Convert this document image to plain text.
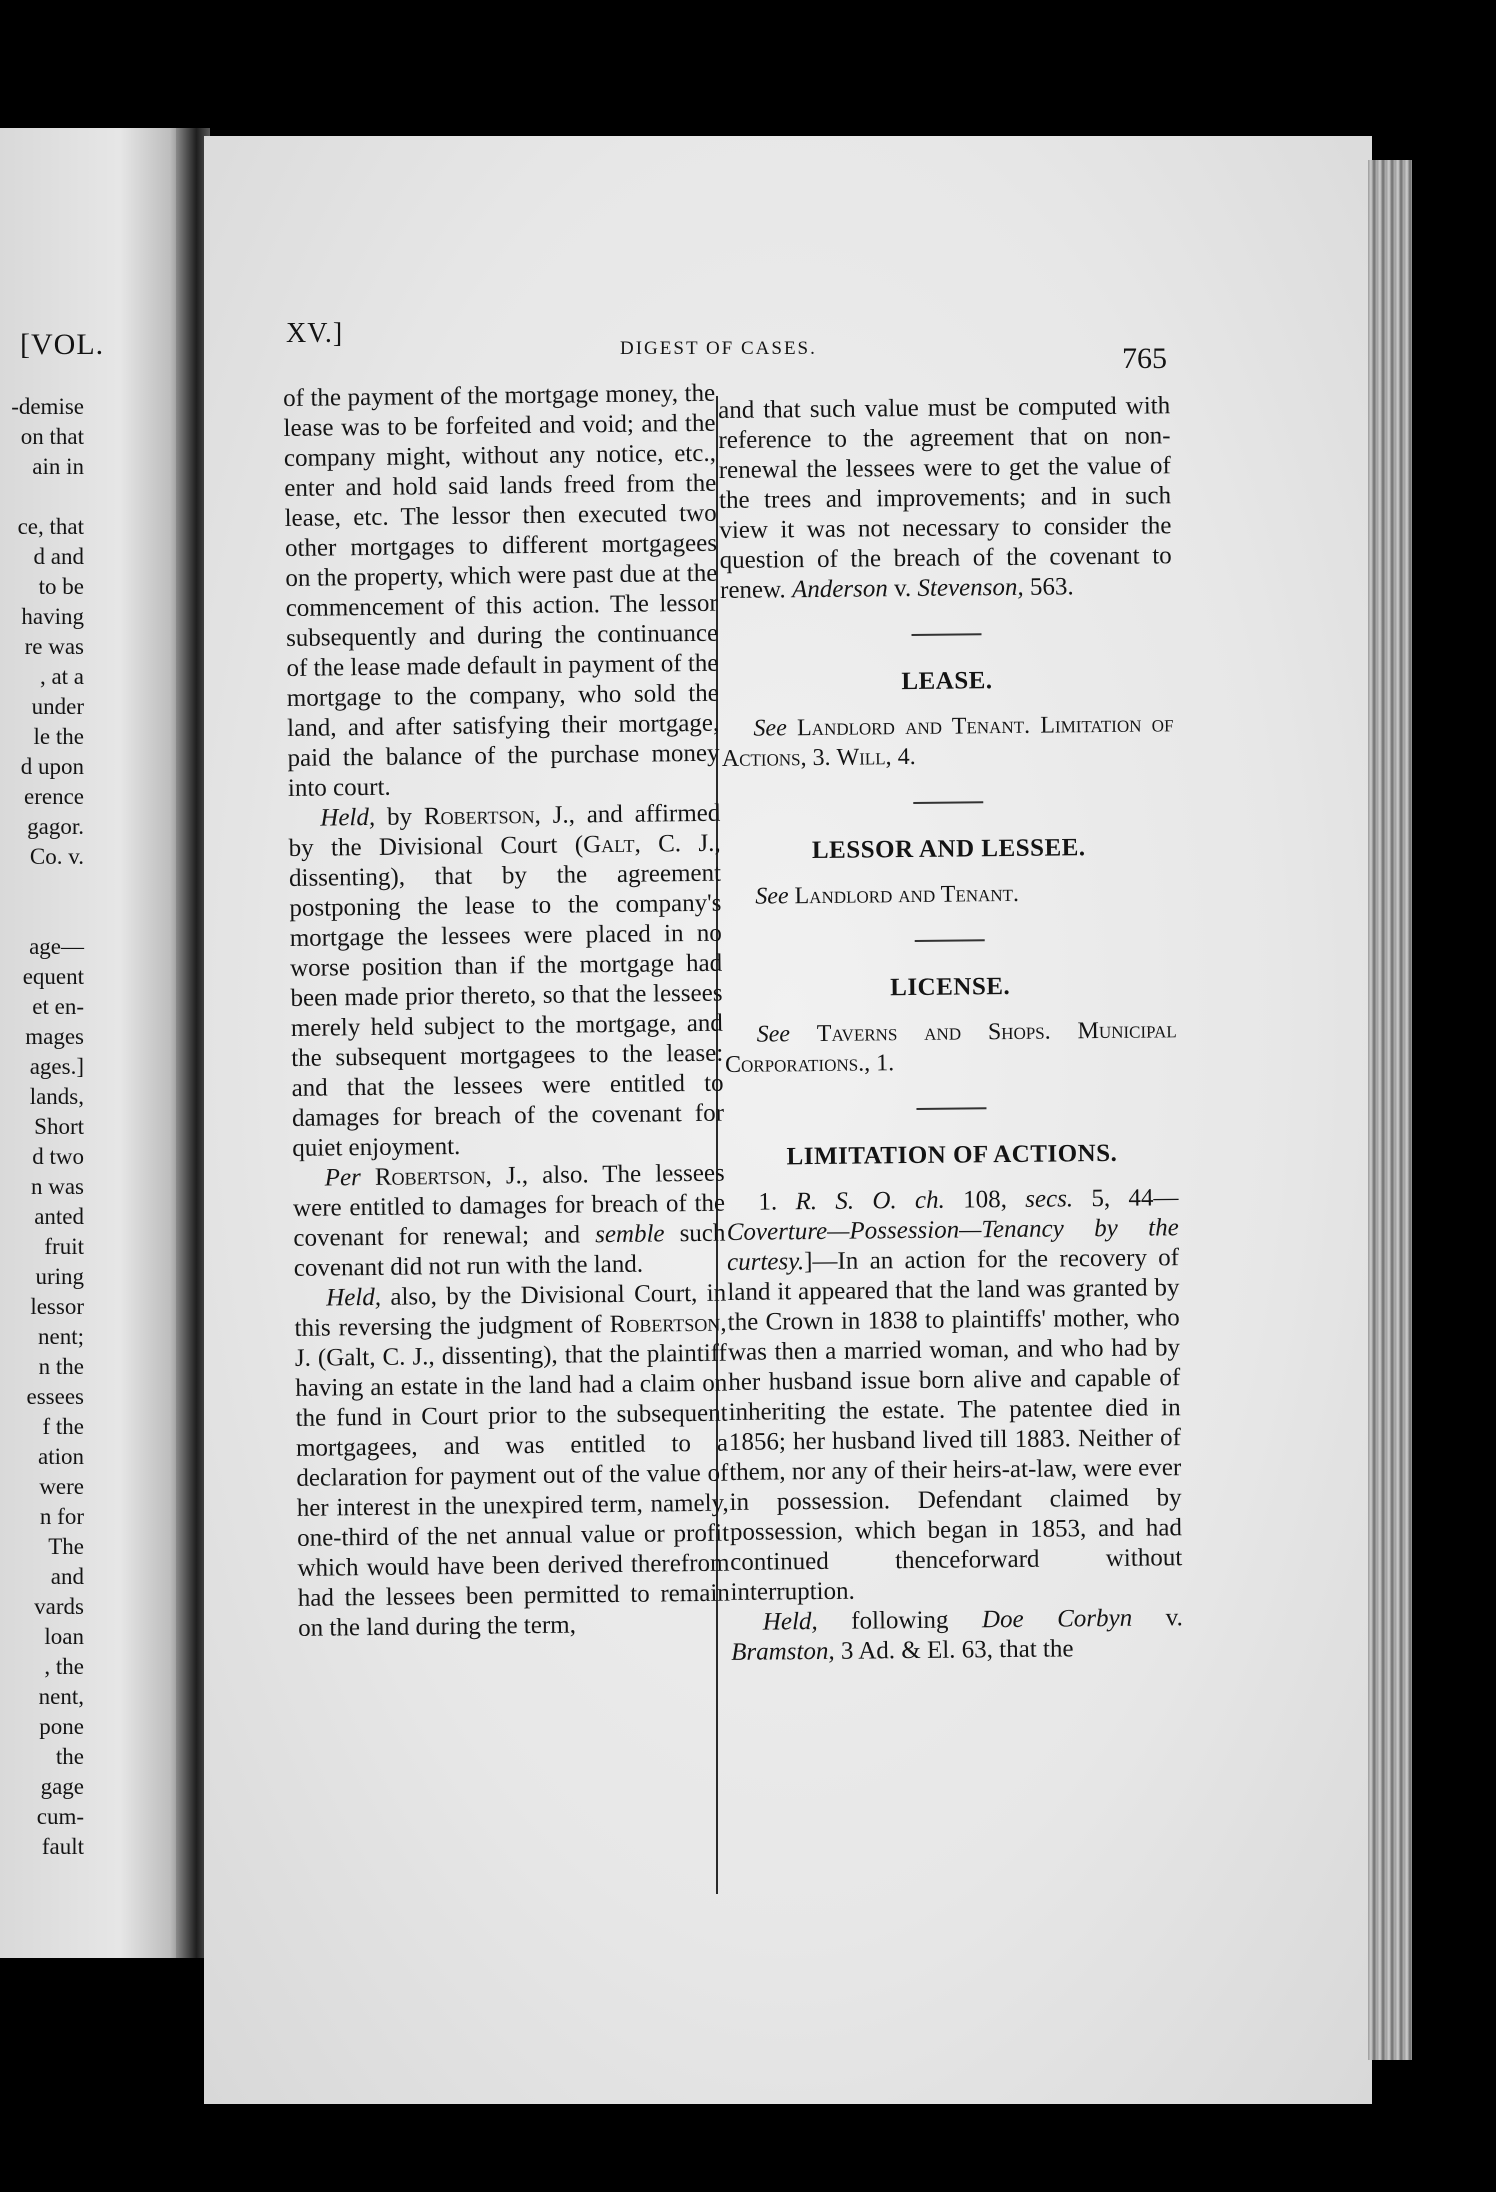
[VOL.
-demise
on that
ain in
ce, that
d and
to be
having
re was
, at a
under
le the
d upon
erence
gagor.
Co. v.
age—
equent
et en-
mages
ages.]
lands,
Short
d two
n was
anted
fruit
uring
lessor
nent;
n the
essees
f the
ation
were
n for
The
and
vards
loan
, the
nent,
pone
the
gage
cum-
fault
XV.]	DIGEST OF CASES.	765

of the payment of the mortgage money, the lease was to be forfeited and void; and the company might, without any notice, etc., enter and hold said lands freed from the lease, etc. The lessor then executed two other mortgages to different mortgagees on the property, which were past due at the commencement of this action. The lessor subsequently and during the continuance of the lease made default in payment of the mortgage to the company, who sold the land, and after satisfying their mortgage, paid the balance of the purchase money into court.

Held, by Robertson, J., and affirmed by the Divisional Court (Galt, C. J., dissenting), that by the agreement postponing the lease to the company's mortgage the lessees were placed in no worse position than if the mortgage had been made prior thereto, so that the lessees merely held subject to the mortgage, and the subsequent mortgagees to the lease: and that the lessees were entitled to damages for breach of the covenant for quiet enjoyment.

Per Robertson, J., also. The lessees were entitled to damages for breach of the covenant for renewal; and semble such covenant did not run with the land.

Held, also, by the Divisional Court, in this reversing the judgment of Robertson, J. (Galt, C. J., dissenting), that the plaintiff having an estate in the land had a claim on the fund in Court prior to the subsequent mortgagees, and was entitled to a declaration for payment out of the value of her interest in the unexpired term, namely, one-third of the net annual value or profit which would have been derived therefrom had the lessees been permitted to remain on the land during the term,

and that such value must be computed with reference to the agreement that on non-renewal the lessees were to get the value of the trees and improvements; and in such view it was not necessary to consider the question of the breach of the covenant to renew. Anderson v. Stevenson, 563.

LEASE.

See Landlord and Tenant. Limitation of Actions, 3. Will, 4.

LESSOR AND LESSEE.

See Landlord and Tenant.

LICENSE.

See Taverns and Shops. Municipal Corporations., 1.

LIMITATION OF ACTIONS.

1. R. S. O. ch. 108, secs. 5, 44— Coverture—Possession—Tenancy by the curtesy.]—In an action for the recovery of land it appeared that the land was granted by the Crown in 1838 to plaintiffs' mother, who was then a married woman, and who had by her husband issue born alive and capable of inheriting the estate. The patentee died in 1856; her husband lived till 1883. Neither of them, nor any of their heirs-at-law, were ever in possession. Defendant claimed by possession, which began in 1853, and had continued thenceforward without interruption.

Held, following Doe Corbyn v. Bramston, 3 Ad. & El. 63, that the
